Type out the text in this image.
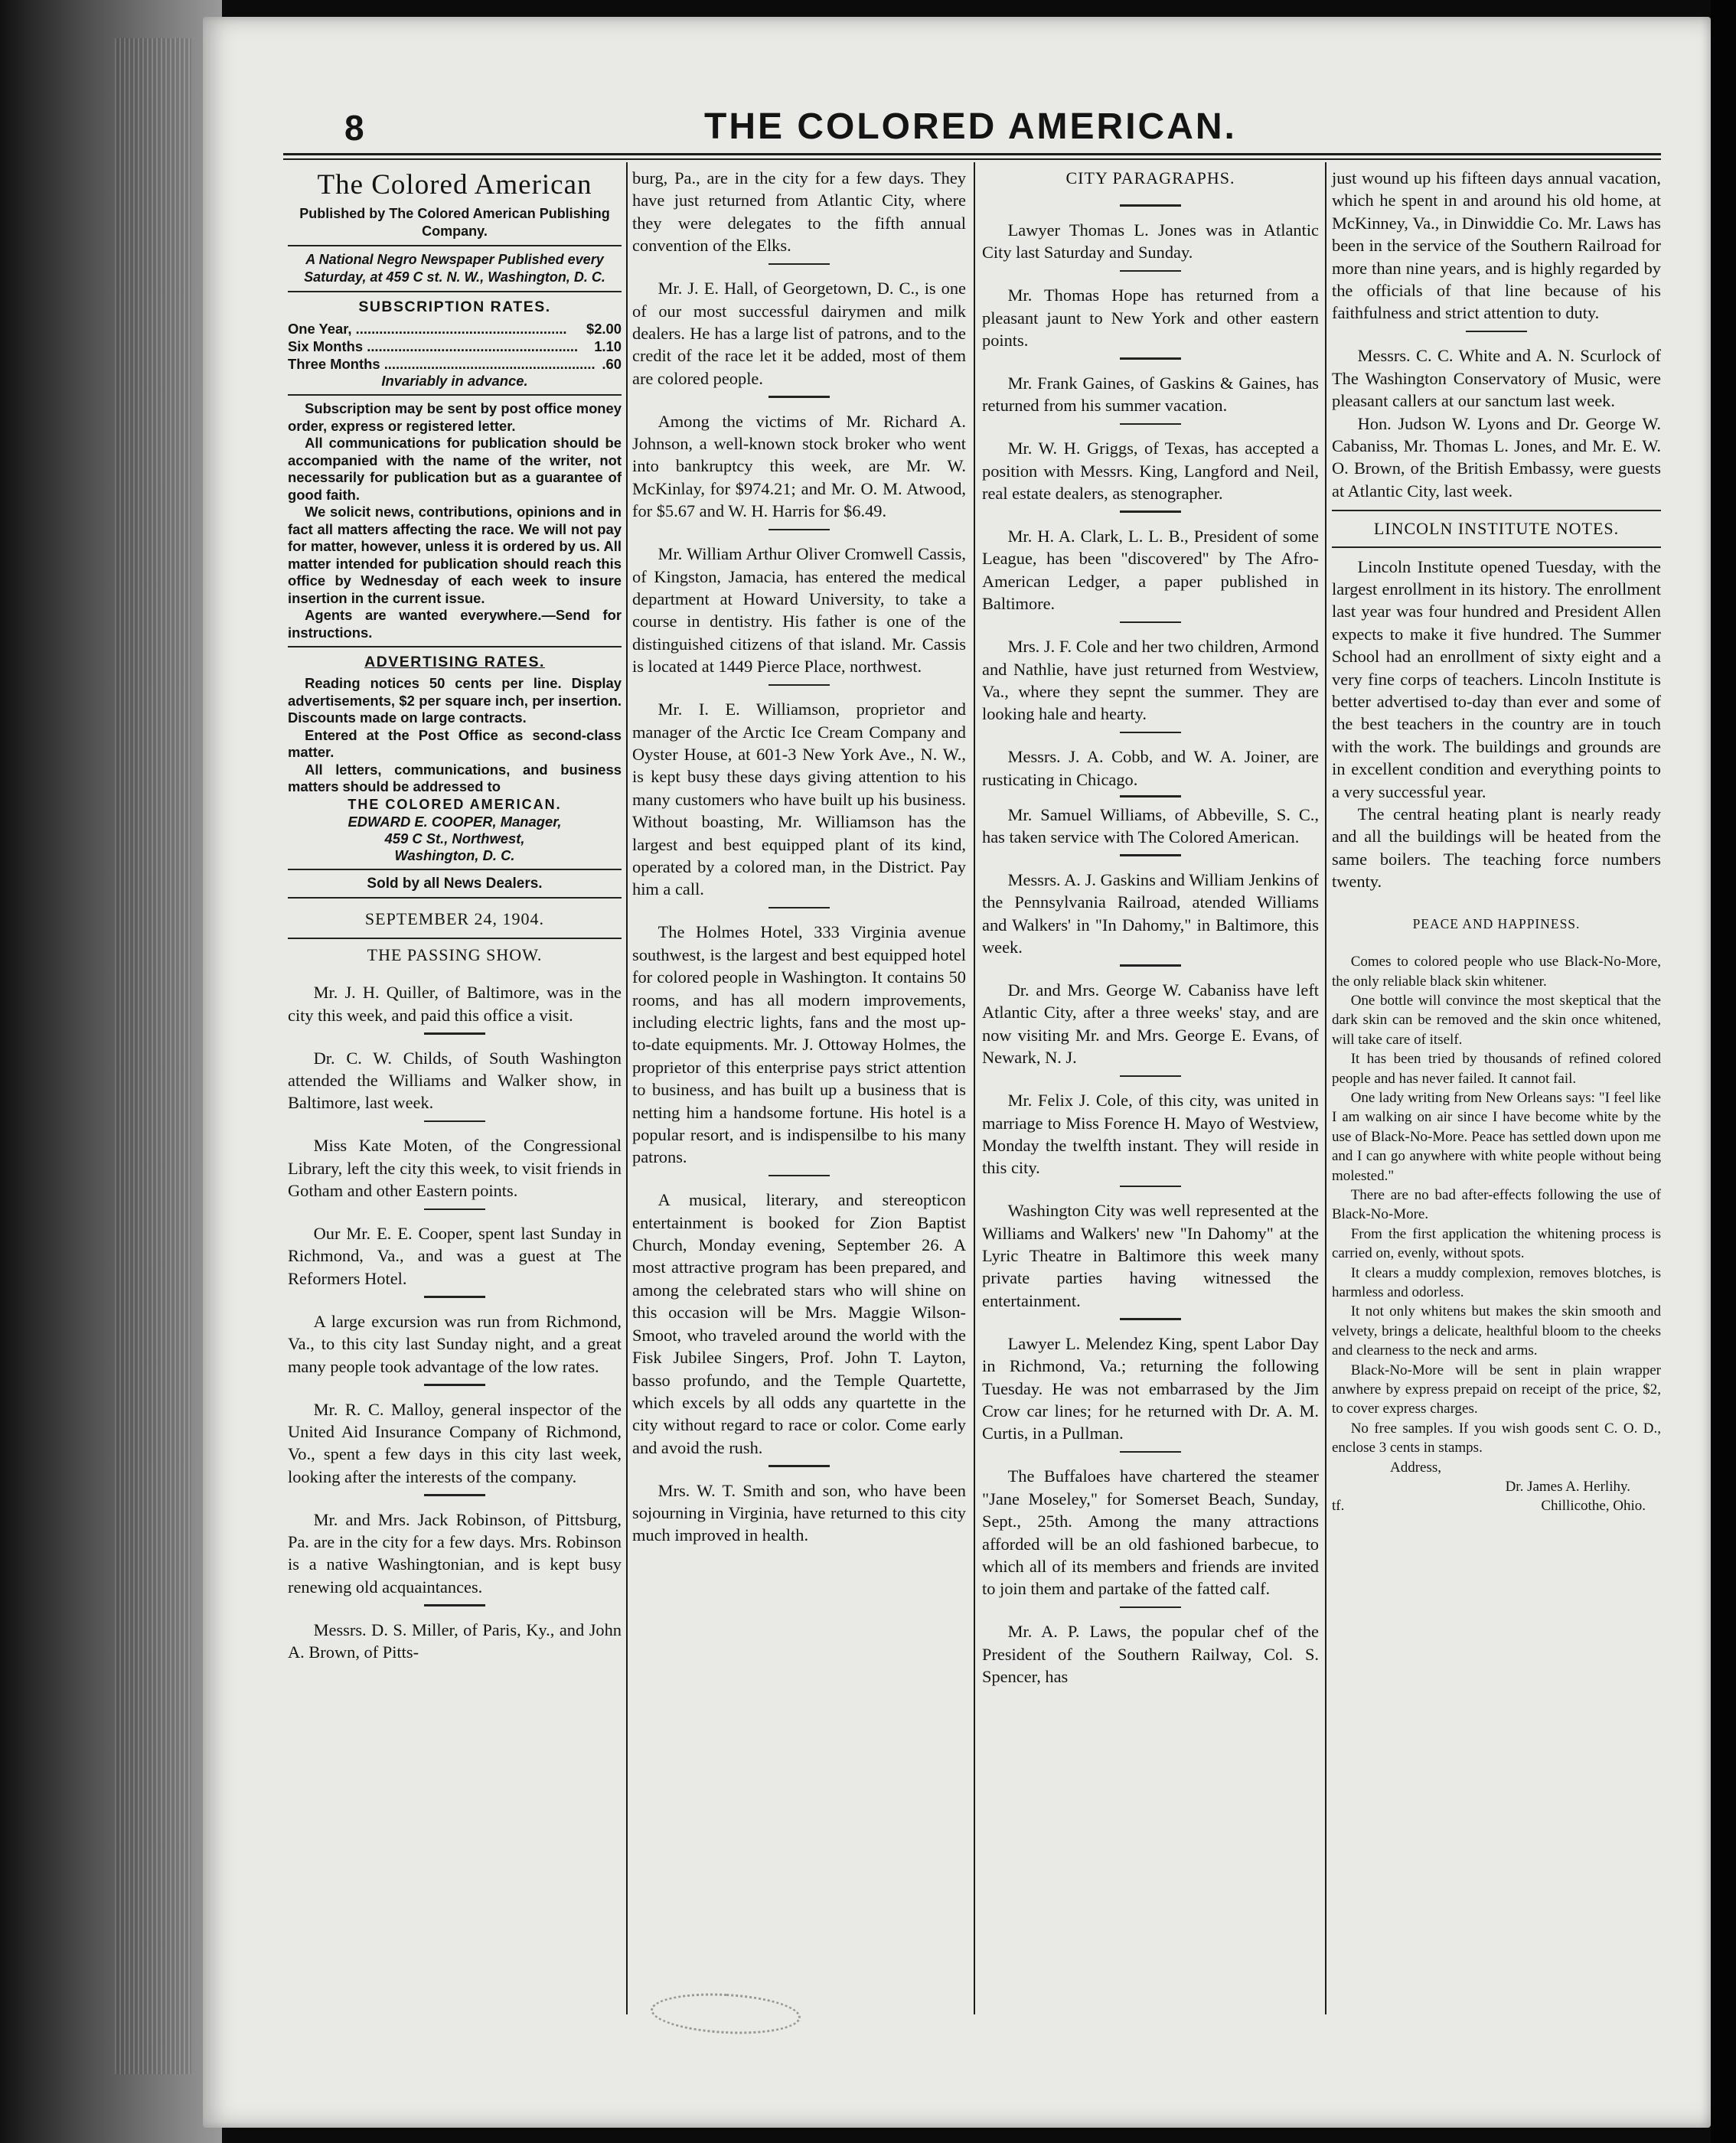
8	THE COLORED AMERICAN.
The Colored American
Published by The Colored American Publishing Company.
A National Negro Newspaper Published every Saturday, at 459 C st. N. W., Washington, D. C.
SUBSCRIPTION RATES.
One Year, .....	$2.00
Six Months .....	1.10
Three Months .....	.60
Invariably in advance.

Subscription may be sent by post office money order, express or registered letter.

All communications for publication should be accompanied with the name of the writer, not necessarily for publication but as a guarantee of good faith.

We solicit news, contributions, opinions and in fact all matters affecting the race. We will not pay for matter, however, unless it is ordered by us. All matter intended for publication should reach this office by Wednesday of each week to insure insertion in the current issue.

Agents are wanted everywhere.—Send for instructions.

ADVERTISING RATES.

Reading notices 50 cents per line. Display advertisements, $2 per square inch, per insertion. Discounts made on large contracts.

Entered at the Post Office as second-class matter.

All letters, communications, and business matters should be addressed to

THE COLORED AMERICAN.
EDWARD E. COOPER, Manager,
459 C St., Northwest,
Washington, D. C.
Sold by all News Dealers.
SEPTEMBER 24, 1904.
THE PASSING SHOW.

Mr. J. H. Quiller, of Baltimore, was in the city this week, and paid this office a visit.

Dr. C. W. Childs, of South Washington attended the Williams and Walker show, in Baltimore, last week.

Miss Kate Moten, of the Congressional Library, left the city this week, to visit friends in Gotham and other Eastern points.

Our Mr. E. E. Cooper, spent last Sunday in Richmond, Va., and was a guest at The Reformers Hotel.

A large excursion was run from Richmond, Va., to this city last Sunday night, and a great many people took advantage of the low rates.

Mr. R. C. Malloy, general inspector of the United Aid Insurance Company of Richmond, Vo., spent a few days in this city last week, looking after the interests of the company.

Mr. and Mrs. Jack Robinson, of Pittsburg, Pa. are in the city for a few days. Mrs. Robinson is a native Washingtonian, and is kept busy renewing old acquaintances.

Messrs. D. S. Miller, of Paris, Ky., and John A. Brown, of Pitts-

burg, Pa., are in the city for a few days. They have just returned from Atlantic City, where they were delegates to the fifth annual convention of the Elks.

Mr. J. E. Hall, of Georgetown, D. C., is one of our most successful dairymen and milk dealers. He has a large list of patrons, and to the credit of the race let it be added, most of them are colored people.

Among the victims of Mr. Richard A. Johnson, a well-known stock broker who went into bankruptcy this week, are Mr. W. McKinlay, for $974.21; and Mr. O. M. Atwood, for $5.67 and W. H. Harris for $6.49.

Mr. William Arthur Oliver Cromwell Cassis, of Kingston, Jamacia, has entered the medical department at Howard University, to take a course in dentistry. His father is one of the distinguished citizens of that island. Mr. Cassis is located at 1449 Pierce Place, northwest.

Mr. I. E. Williamson, proprietor and manager of the Arctic Ice Cream Company and Oyster House, at 601-3 New York Ave., N. W., is kept busy these days giving attention to his many customers who have built up his business. Without boasting, Mr. Williamson has the largest and best equipped plant of its kind, operated by a colored man, in the District. Pay him a call.

The Holmes Hotel, 333 Virginia avenue southwest, is the largest and best equipped hotel for colored people in Washington. It contains 50 rooms, and has all modern improvements, including electric lights, fans and the most up-to-date equipments. Mr. J. Ottoway Holmes, the proprietor of this enterprise pays strict attention to business, and has built up a business that is netting him a handsome fortune. His hotel is a popular resort, and is indispensilbe to his many patrons.

A musical, literary, and stereopticon entertainment is booked for Zion Baptist Church, Monday evening, September 26. A most attractive program has been prepared, and among the celebrated stars who will shine on this occasion will be Mrs. Maggie Wilson-Smoot, who traveled around the world with the Fisk Jubilee Singers, Prof. John T. Layton, basso profundo, and the Temple Quartette, which excels by all odds any quartette in the city without regard to race or color. Come early and avoid the rush.

Mrs. W. T. Smith and son, who have been sojourning in Virginia, have returned to this city much improved in health.

CITY PARAGRAPHS.

Lawyer Thomas L. Jones was in Atlantic City last Saturday and Sunday.

Mr. Thomas Hope has returned from a pleasant jaunt to New York and other eastern points.

Mr. Frank Gaines, of Gaskins & Gaines, has returned from his summer vacation.

Mr. W. H. Griggs, of Texas, has accepted a position with Messrs. King, Langford and Neil, real estate dealers, as stenographer.

Mr. H. A. Clark, L. L. B., President of some League, has been "discovered" by The Afro-American Ledger, a paper published in Baltimore.

Mrs. J. F. Cole and her two children, Armond and Nathlie, have just returned from Westview, Va., where they sepnt the summer. They are looking hale and hearty.

Messrs. J. A. Cobb, and W. A. Joiner, are rusticating in Chicago.

Mr. Samuel Williams, of Abbeville, S. C., has taken service with The Colored American.

Messrs. A. J. Gaskins and William Jenkins of the Pennsylvania Railroad, atended Williams and Walkers' in "In Dahomy," in Baltimore, this week.

Dr. and Mrs. George W. Cabaniss have left Atlantic City, after a three weeks' stay, and are now visiting Mr. and Mrs. George E. Evans, of Newark, N. J.

Mr. Felix J. Cole, of this city, was united in marriage to Miss Forence H. Mayo of Westview, Monday the twelfth instant. They will reside in this city.

Washington City was well represented at the Williams and Walkers' new "In Dahomy" at the Lyric Theatre in Baltimore this week many private parties having witnessed the entertainment.

Lawyer L. Melendez King, spent Labor Day in Richmond, Va.; returning the following Tuesday. He was not embarrased by the Jim Crow car lines; for he returned with Dr. A. M. Curtis, in a Pullman.

The Buffaloes have chartered the steamer "Jane Moseley," for Somerset Beach, Sunday, Sept., 25th. Among the many attractions afforded will be an old fashioned barbecue, to which all of its members and friends are invited to join them and partake of the fatted calf.

Mr. A. P. Laws, the popular chef of the President of the Southern Railway, Col. S. Spencer, has

just wound up his fifteen days annual vacation, which he spent in and around his old home, at McKinney, Va., in Dinwiddie Co. Mr. Laws has been in the service of the Southern Railroad for more than nine years, and is highly regarded by the officials of that line because of his faithfulness and strict attention to duty.

Messrs. C. C. White and A. N. Scurlock of The Washington Conservatory of Music, were pleasant callers at our sanctum last week.

Hon. Judson W. Lyons and Dr. George W. Cabaniss, Mr. Thomas L. Jones, and Mr. E. W. O. Brown, of the British Embassy, were guests at Atlantic City, last week.

LINCOLN INSTITUTE NOTES.

Lincoln Institute opened Tuesday, with the largest enrollment in its history. The enrollment last year was four hundred and President Allen expects to make it five hundred. The Summer School had an enrollment of sixty eight and a very fine corps of teachers. Lincoln Institute is better advertised to-day than ever and some of the best teachers in the country are in touch with the work. The buildings and grounds are in excellent condition and everything points to a very successful year.

The central heating plant is nearly ready and all the buildings will be heated from the same boilers. The teaching force numbers twenty.

PEACE AND HAPPINESS.

Comes to colored people who use Black-No-More, the only reliable black skin whitener.

One bottle will convince the most skeptical that the dark skin can be removed and the skin once whitened, will take care of itself.

It has been tried by thousands of refined colored people and has never failed. It cannot fail.

One lady writing from New Orleans says: "I feel like I am walking on air since I have become white by the use of Black-No-More. Peace has settled down upon me and I can go anywhere with white people without being molested."

There are no bad after-effects following the use of Black-No-More.

From the first application the whitening process is carried on, evenly, without spots.

It clears a muddy complexion, removes blotches, is harmless and odorless.

It not only whitens but makes the skin smooth and velvety, brings a delicate, healthful bloom to the cheeks and clearness to the neck and arms.

Black-No-More will be sent in plain wrapper anwhere by express prepaid on receipt of the price, $2, to cover express charges.

No free samples. If you wish goods sent C. O. D., enclose 3 cents in stamps.

Address,

Dr. James A. Herlihy.

tf.	Chillicothe, Ohio.
